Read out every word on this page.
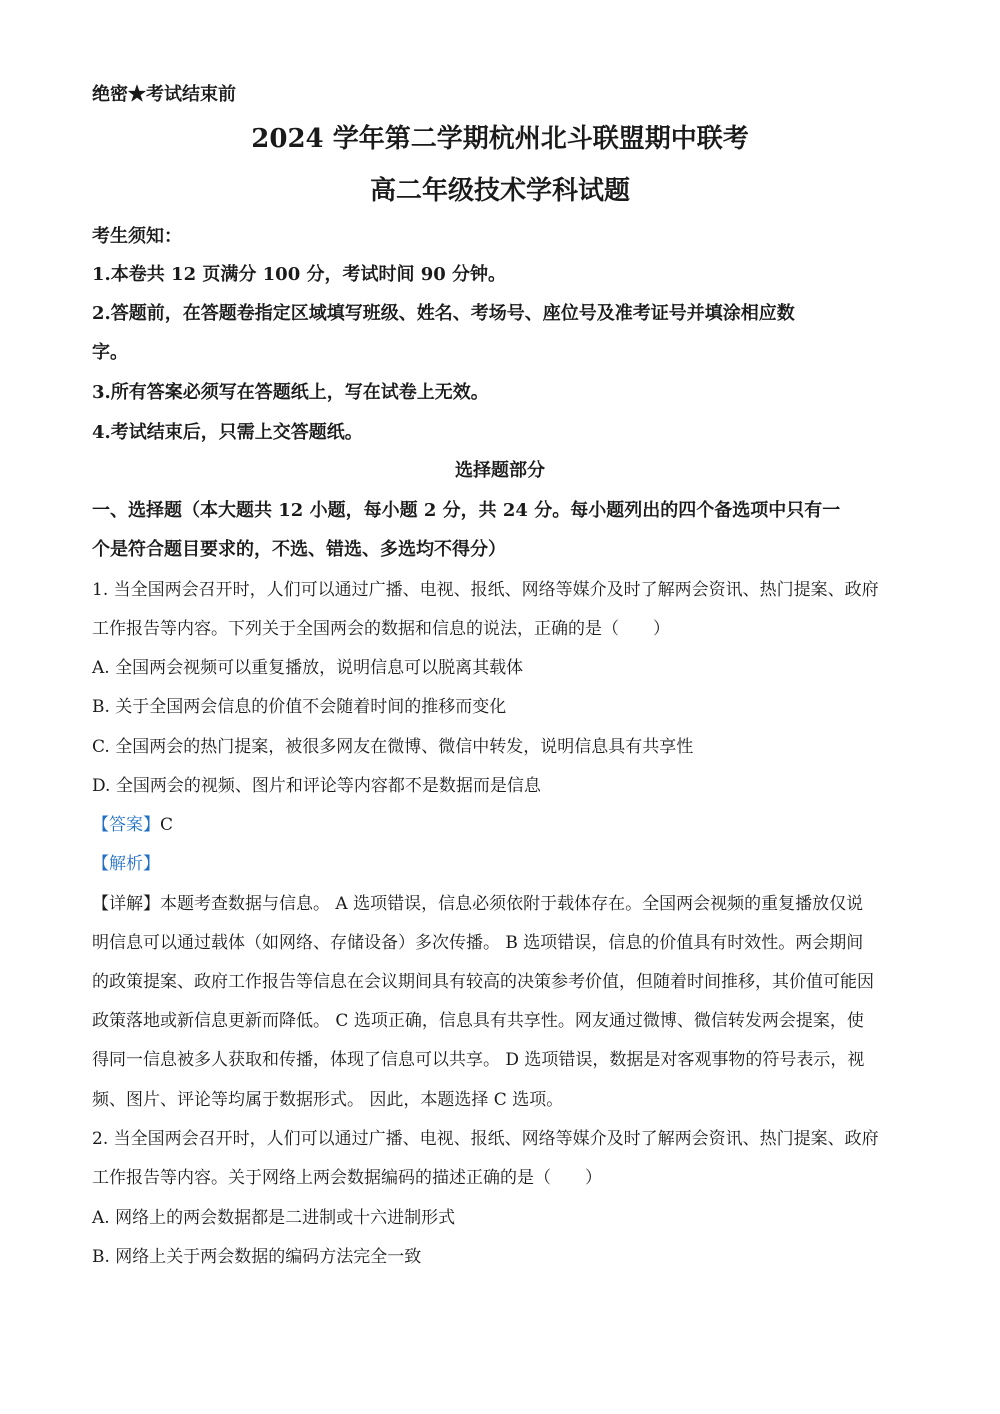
绝密★考试结束前
2024 学年第二学期杭州北斗联盟期中联考
高二年级技术学科试题
考生须知：
1.本卷共 12 页满分 100 分，考试时间 90 分钟。
2.答题前，在答题卷指定区域填写班级、姓名、考场号、座位号及准考证号并填涂相应数
字。
3.所有答案必须写在答题纸上，写在试卷上无效。
4.考试结束后，只需上交答题纸。
选择题部分
一、选择题（本大题共 12 小题，每小题 2 分，共 24 分。每小题列出的四个备选项中只有一
个是符合题目要求的，不选、错选、多选均不得分）
1. 当全国两会召开时，人们可以通过广播、电视、报纸、网络等媒介及时了解两会资讯、热门提案、政府
工作报告等内容。下列关于全国两会的数据和信息的说法，正确的是（　　）
A. 全国两会视频可以重复播放，说明信息可以脱离其载体
B. 关于全国两会信息的价值不会随着时间的推移而变化
C. 全国两会的热门提案，被很多网友在微博、微信中转发，说明信息具有共享性
D. 全国两会的视频、图片和评论等内容都不是数据而是信息
【答案】C
【解析】
【详解】本题考查数据与信息。 A 选项错误，信息必须依附于载体存在。全国两会视频的重复播放仅说
明信息可以通过载体（如网络、存储设备）多次传播。 B 选项错误，信息的价值具有时效性。两会期间
的政策提案、政府工作报告等信息在会议期间具有较高的决策参考价值，但随着时间推移，其价值可能因
政策落地或新信息更新而降低。 C 选项正确，信息具有共享性。网友通过微博、微信转发两会提案，使
得同一信息被多人获取和传播，体现了信息可以共享。 D 选项错误，数据是对客观事物的符号表示，视
频、图片、评论等均属于数据形式。 因此，本题选择 C 选项。
2. 当全国两会召开时，人们可以通过广播、电视、报纸、网络等媒介及时了解两会资讯、热门提案、政府
工作报告等内容。关于网络上两会数据编码的描述正确的是（　　）
A. 网络上的两会数据都是二进制或十六进制形式
B. 网络上关于两会数据的编码方法完全一致
